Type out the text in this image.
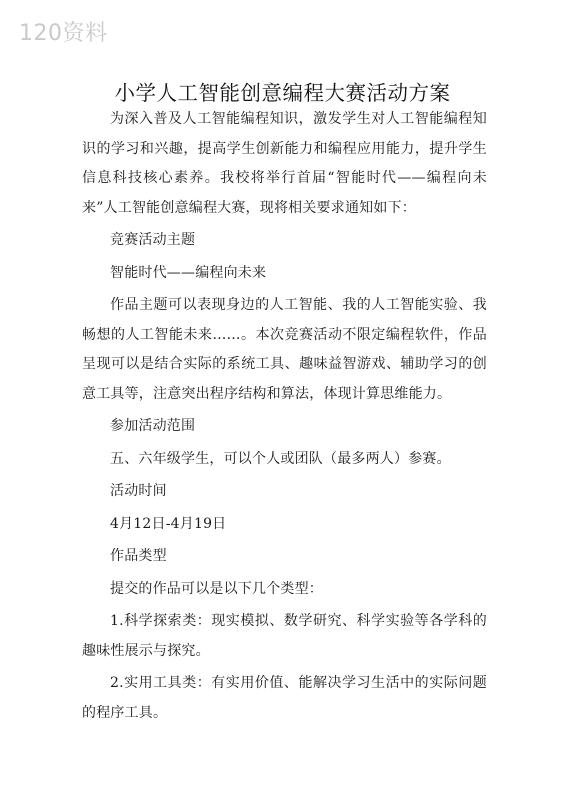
120资料
小学人工智能创意编程大赛活动方案

为深入普及人工智能编程知识，激发学生对人工智能编程知识的学习和兴趣，提高学生创新能力和编程应用能力，提升学生信息科技核心素养。我校将举行首届“智能时代——编程向未来”人工智能创意编程大赛，现将相关要求通知如下：

竞赛活动主题

智能时代——编程向未来

作品主题可以表现身边的人工智能、我的人工智能实验、我畅想的人工智能未来……。本次竞赛活动不限定编程软件，作品呈现可以是结合实际的系统工具、趣味益智游戏、辅助学习的创意工具等，注意突出程序结构和算法，体现计算思维能力。

参加活动范围

五、六年级学生，可以个人或团队（最多两人）参赛。

活动时间

4月12日-4月19日

作品类型

提交的作品可以是以下几个类型：

1.科学探索类：现实模拟、数学研究、科学实验等各学科的趣味性展示与探究。

2.实用工具类：有实用价值、能解决学习生活中的实际问题的程序工具。
